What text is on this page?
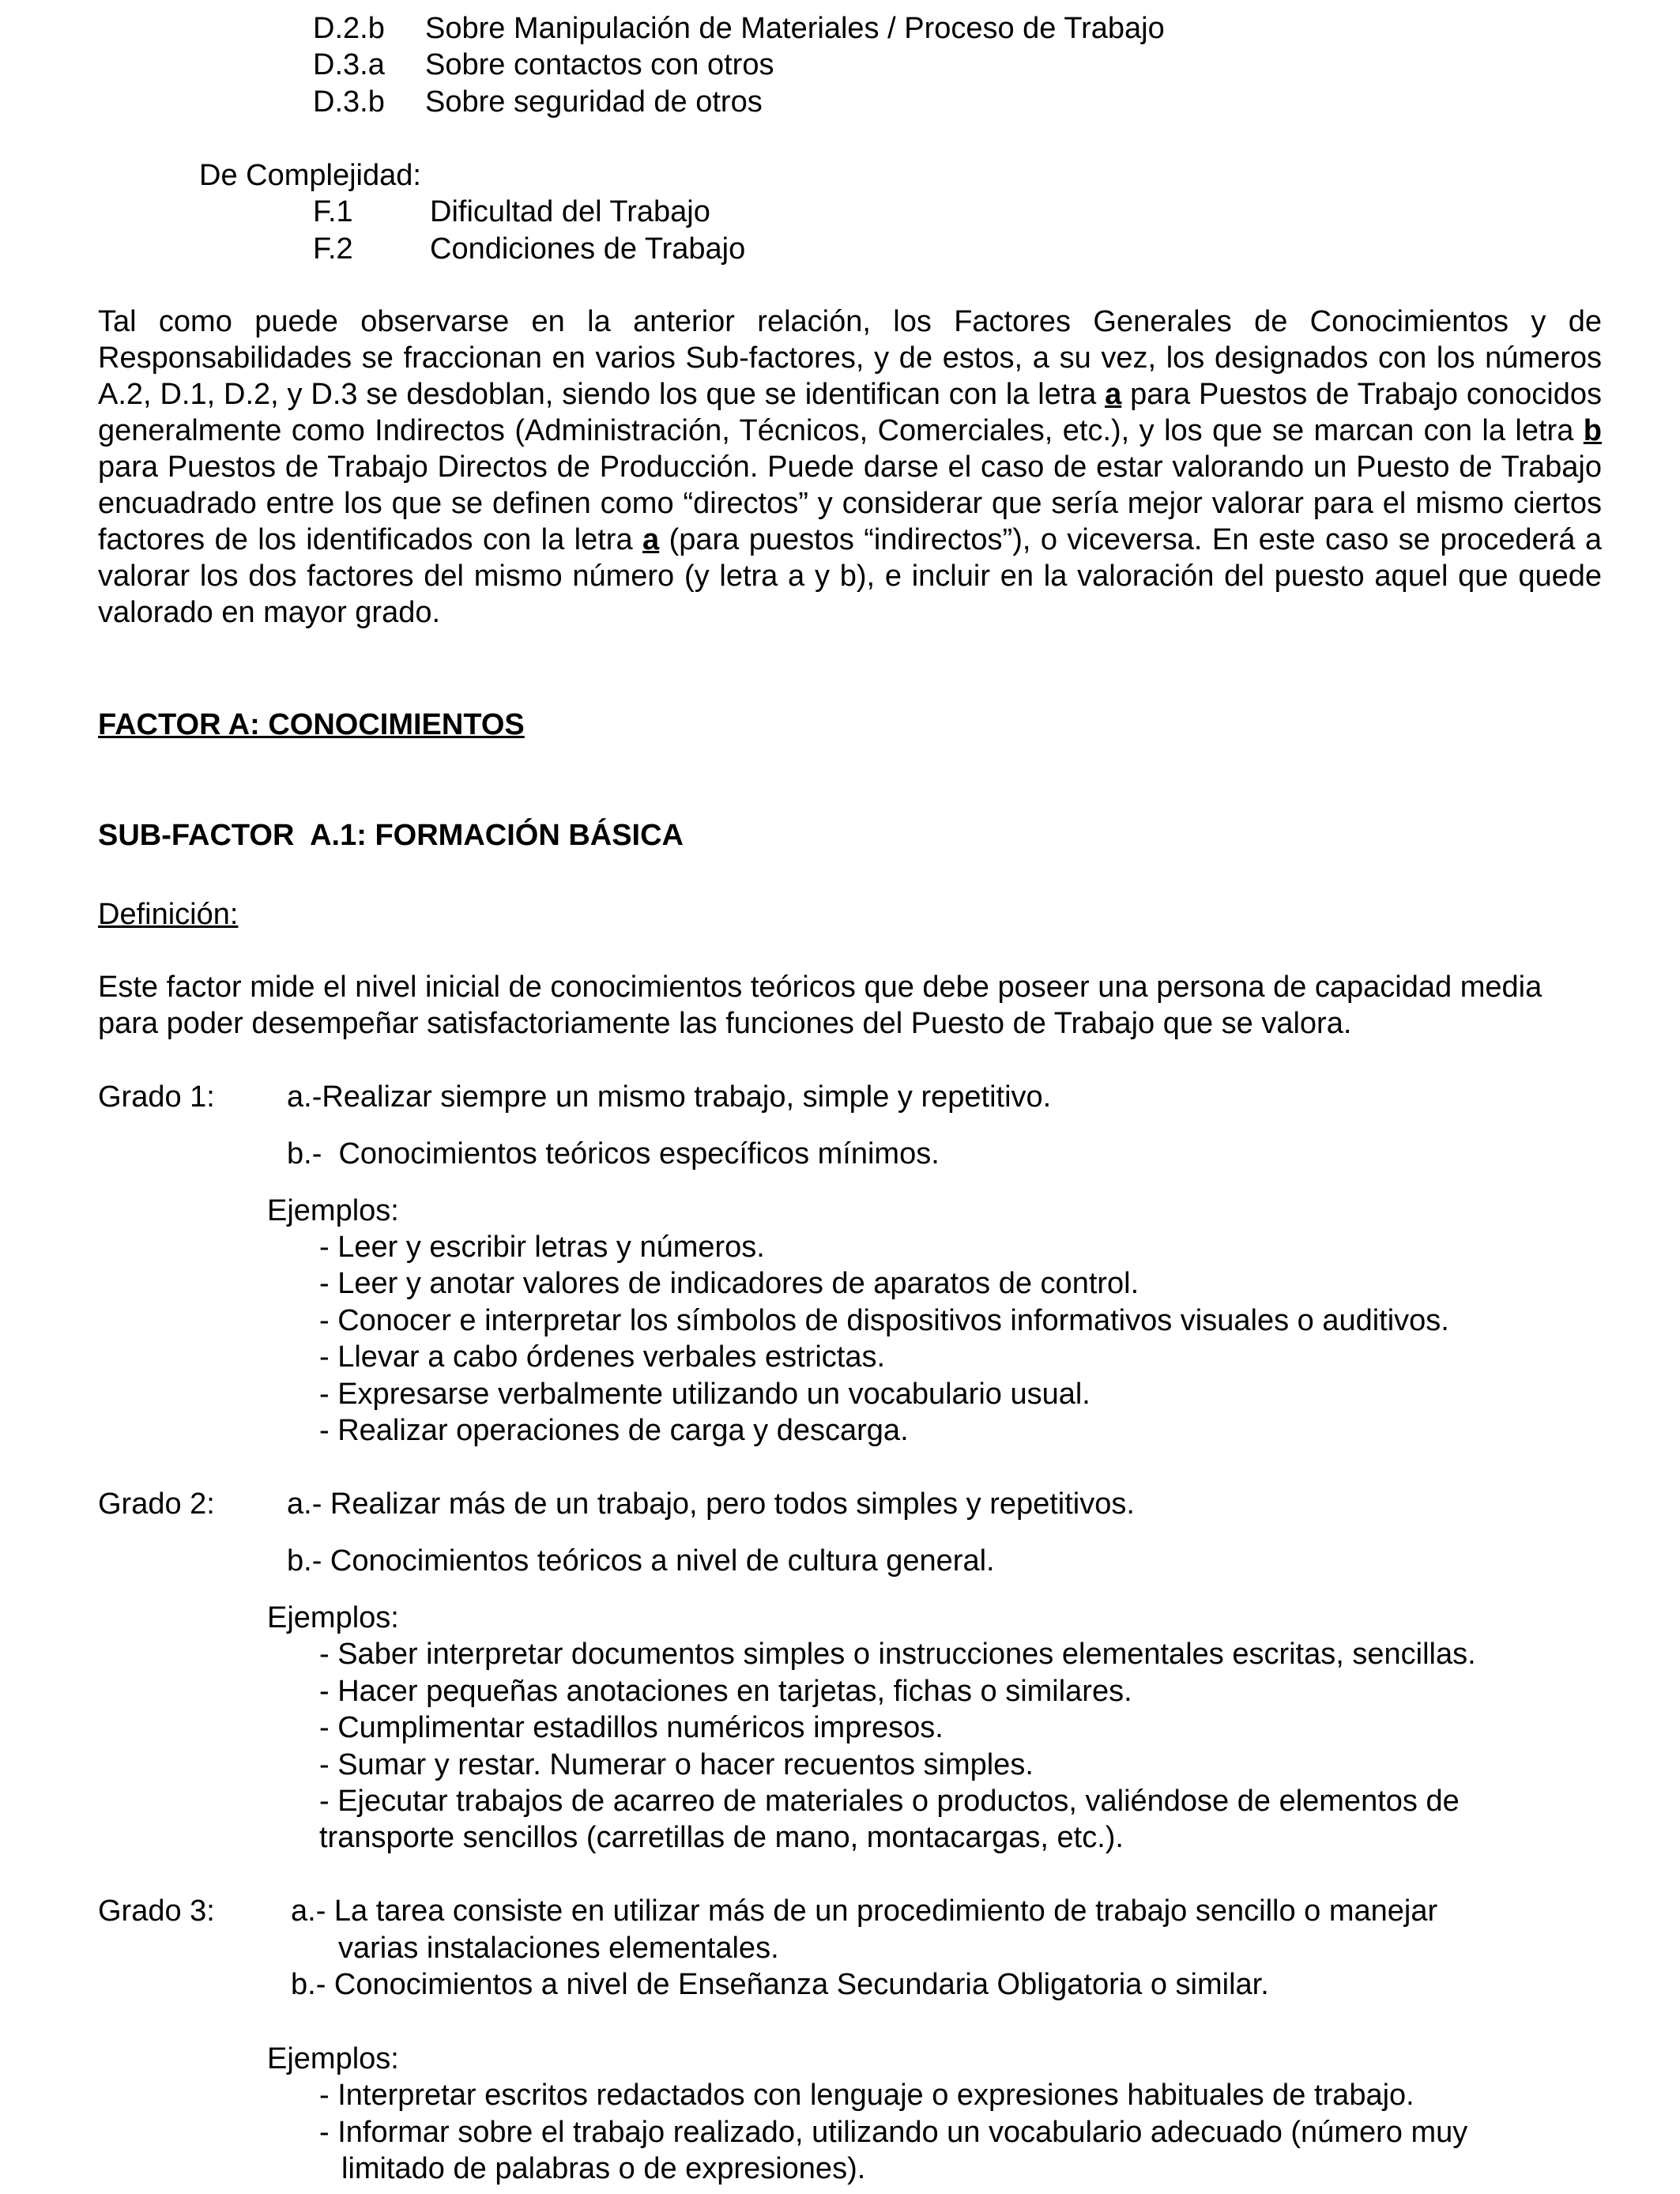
D.2.b Sobre Manipulación de Materiales / Proceso de Trabajo
D.3.a Sobre contactos con otros
D.3.b Sobre seguridad de otros
De Complejidad:
F.1	Dificultad del Trabajo
F.2	Condiciones de Trabajo
Tal como puede observarse en la anterior relación, los Factores Generales de Conocimientos y de Responsabilidades se fraccionan en varios Sub-factores, y de estos, a su vez, los designados con los números A.2, D.1, D.2, y D.3 se desdoblan, siendo los que se identifican con la letra a para Puestos de Trabajo conocidos generalmente como Indirectos (Administración, Técnicos, Comerciales, etc.), y los que se marcan con la letra b para Puestos de Trabajo Directos de Producción. Puede darse el caso de estar valorando un Puesto de Trabajo encuadrado entre los que se definen como “directos” y considerar que sería mejor valorar para el mismo ciertos factores de los identificados con la letra a (para puestos “indirectos”), o viceversa. En este caso se procederá a valorar los dos factores del mismo número (y letra a y b), e incluir en la valoración del puesto aquel que quede valorado en mayor grado.
FACTOR A: CONOCIMIENTOS
SUB-FACTOR  A.1: FORMACIÓN BÁSICA
Definición:
Este factor mide el nivel inicial de conocimientos teóricos que debe poseer una persona de capacidad media para poder desempeñar satisfactoriamente las funciones del Puesto de Trabajo que se valora.
Grado 1: a.-Realizar siempre un mismo trabajo, simple y repetitivo.
b.-  Conocimientos teóricos específicos mínimos.
Ejemplos:
- Leer y escribir letras y números.
- Leer y anotar valores de indicadores de aparatos de control.
- Conocer e interpretar los símbolos de dispositivos informativos visuales o auditivos.
- Llevar a cabo órdenes verbales estrictas.
- Expresarse verbalmente utilizando un vocabulario usual.
- Realizar operaciones de carga y descarga.
Grado 2: a.- Realizar más de un trabajo, pero todos simples y repetitivos.
b.- Conocimientos teóricos a nivel de cultura general.
Ejemplos:
- Saber interpretar documentos simples o instrucciones elementales escritas, sencillas.
- Hacer pequeñas anotaciones en tarjetas, fichas o similares.
- Cumplimentar estadillos numéricos impresos.
- Sumar y restar. Numerar o hacer recuentos simples.
- Ejecutar trabajos de acarreo de materiales o productos, valiéndose de elementos de
transporte sencillos (carretillas de mano, montacargas, etc.).
Grado 3:	a.- La tarea consiste en utilizar más de un procedimiento de trabajo sencillo o manejar
varias instalaciones elementales.
b.- Conocimientos a nivel de Enseñanza Secundaria Obligatoria o similar.
Ejemplos:
- Interpretar escritos redactados con lenguaje o expresiones habituales de trabajo.
- Informar sobre el trabajo realizado, utilizando un vocabulario adecuado (número muy
limitado de palabras o de expresiones).
